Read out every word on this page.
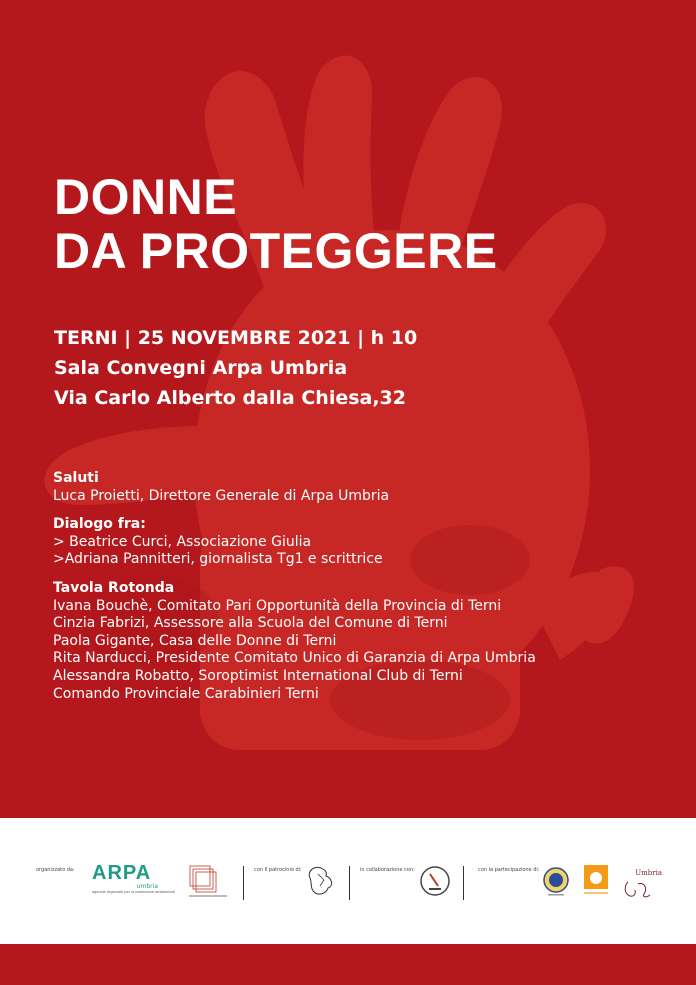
DONNE
DA PROTEGGERE
TERNI | 25 NOVEMBRE 2021 | h 10
Sala Convegni Arpa Umbria
Via Carlo Alberto dalla Chiesa,32
Saluti
Luca Proietti, Direttore Generale di Arpa Umbria
Dialogo fra:
> Beatrice Curci, Associazione Giulia
>Adriana Pannitteri, giornalista Tg1 e scrittrice
Tavola Rotonda
Ivana Bouchè, Comitato Pari Opportunità della Provincia di Terni
Cinzia Fabrizi, Assessore alla Scuola del Comune di Terni
Paola Gigante, Casa delle Donne di Terni
Rita Narducci, Presidente Comitato Unico di Garanzia di Arpa Umbria
Alessandra Robatto, Soroptimist International Club di Terni
Comando Provinciale Carabinieri Terni
organizzato da:	con il patrocinio di:	in collaborazione con:	con la partecipazione di:
ARPA
umbria
agenzia regionale per la protezione ambientale
Umbria
